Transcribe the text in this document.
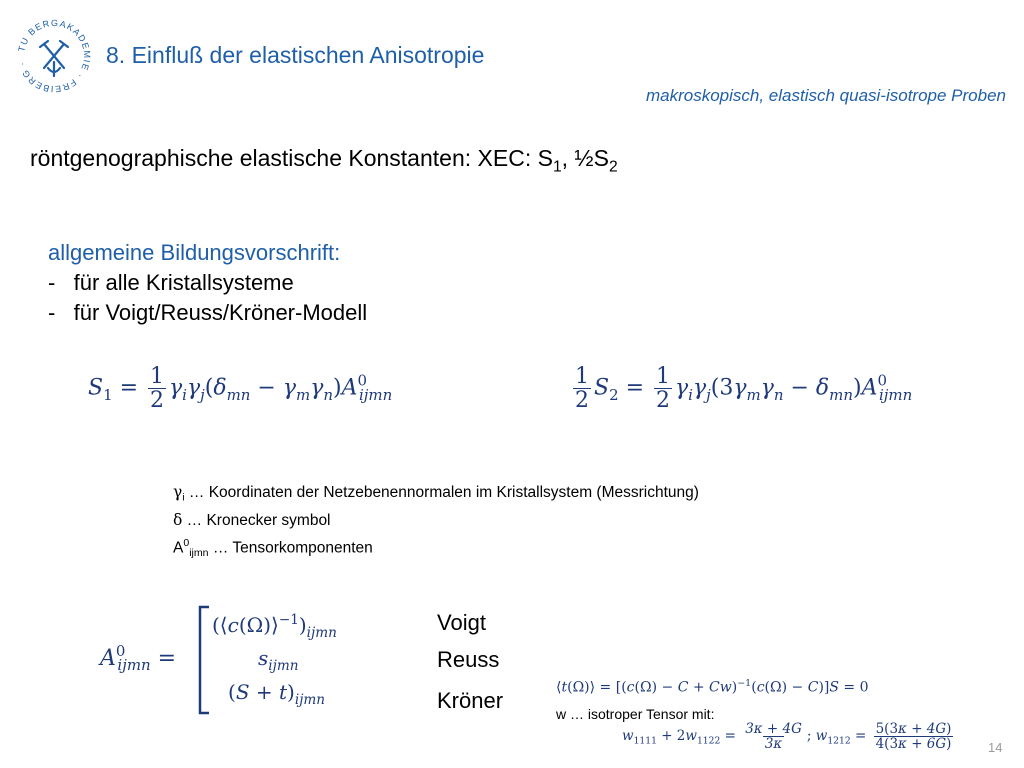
TU BERGAKADEMIE · FREIBERG ·	8. Einfluß der elastischen Anisotropie
makroskopisch, elastisch quasi-isotrope Proben
röntgenographische elastische Konstanten: XEC: $S_1$, $\frac{1}{2}S_2$
allgemeine Bildungsvorschrift:
-   für alle Kristallsysteme
-   für Voigt/Reuss/Kröner-Modell
$S_1 = \frac{1}{2} \gamma_i\gamma_j(\delta_{mn} - \gamma_m\gamma_n)A^0_{ijmn}$	$\frac{1}{2} S_2 = \frac{1}{2} \gamma_i\gamma_j(3\gamma_m\gamma_n - \delta_{mn})A^0_{ijmn}$
$\gamma_i$ … Koordinaten der Netzebenennormalen im Kristallsystem (Messrichtung)
δ … Kronecker symbol
$A^0_{ijmn}$ … Tensorkomponenten
$A^0_{ijmn}$ =
$(⟨c(\Omega)⟩^{-1})_{ijmn}$
$s_{ijmn}$
$(S + t)_{ijmn}$
Voigt
Reuss
Kröner
⟨t(Ω)⟩ = $[(c(\Omega) - C + Cw)^{-1}(c(\Omega) - C)]S = 0$
w … isotroper Tensor mit:
$w_{1111} + 2w_{1122} = \frac{3\kappa + 4G}{3\kappa}$ ; $w_{1212} = \frac{5(3\kappa + 4G)}{4(3\kappa + 6G)}$	14
